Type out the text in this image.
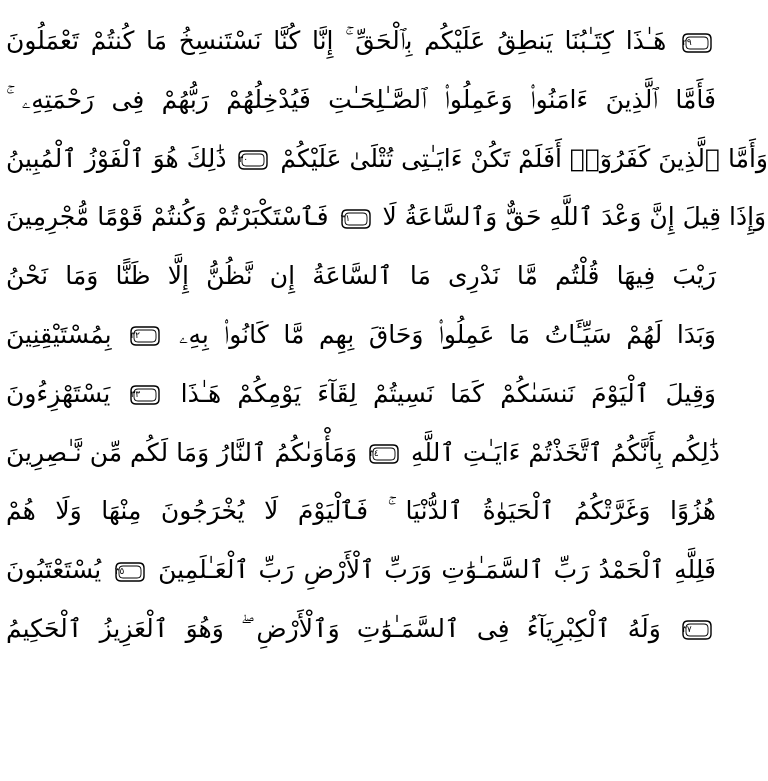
هَـٰذَا كِتَـٰبُنَا يَنطِقُ عَلَيْكُم بِٱلْحَقِّ ۚ إِنَّا كُنَّا نَسْتَنسِخُ مَا كُنتُمْ تَعْمَلُونَ ٢٩
فَأَمَّا ٱلَّذِينَ ءَامَنُوا۟ وَعَمِلُوا۟ ٱلصَّـٰلِحَـٰتِ فَيُدْخِلُهُمْ رَبُّهُمْ فِى رَحْمَتِهِۦ ۚ
ذَٰلِكَ هُوَ ٱلْفَوْزُ ٱلْمُبِينُ ٣٠	وَأَمَّا ٱلَّذِينَ كَفَرُوٓا۟ أَفَلَمْ تَكُنْ ءَايَـٰتِى تُتْلَىٰ عَلَيْكُمْ
فَٱسْتَكْبَرْتُمْ وَكُنتُمْ قَوْمًا مُّجْرِمِينَ ٣١	وَإِذَا قِيلَ إِنَّ وَعْدَ ٱللَّهِ حَقٌّ وَٱلسَّاعَةُ لَا
رَيْبَ فِيهَا قُلْتُم مَّا نَدْرِى مَا ٱلسَّاعَةُ إِن نَّظُنُّ إِلَّا ظَنًّا وَمَا نَحْنُ
بِمُسْتَيْقِنِينَ ٣٢	وَبَدَا لَهُمْ سَيِّـَٔاتُ مَا عَمِلُوا۟ وَحَاقَ بِهِم مَّا كَانُوا۟ بِهِۦ
يَسْتَهْزِءُونَ ٣٣	وَقِيلَ ٱلْيَوْمَ نَنسَىٰكُمْ كَمَا نَسِيتُمْ لِقَآءَ يَوْمِكُمْ هَـٰذَا
وَمَأْوَىٰكُمُ ٱلنَّارُ وَمَا لَكُم مِّن نَّـٰصِرِينَ ٣٤	ذَٰلِكُم بِأَنَّكُمُ ٱتَّخَذْتُمْ ءَايَـٰتِ ٱللَّهِ
هُزُوًا وَغَرَّتْكُمُ ٱلْحَيَوٰةُ ٱلدُّنْيَا ۚ فَٱلْيَوْمَ لَا يُخْرَجُونَ مِنْهَا وَلَا هُمْ
يُسْتَعْتَبُونَ ٣٥	فَلِلَّهِ ٱلْحَمْدُ رَبِّ ٱلسَّمَـٰوَٰتِ وَرَبِّ ٱلْأَرْضِ رَبِّ ٱلْعَـٰلَمِينَ
وَلَهُ ٱلْكِبْرِيَآءُ فِى ٱلسَّمَـٰوَٰتِ وَٱلْأَرْضِ ۖ وَهُوَ ٱلْعَزِيزُ ٱلْحَكِيمُ ٣٧
